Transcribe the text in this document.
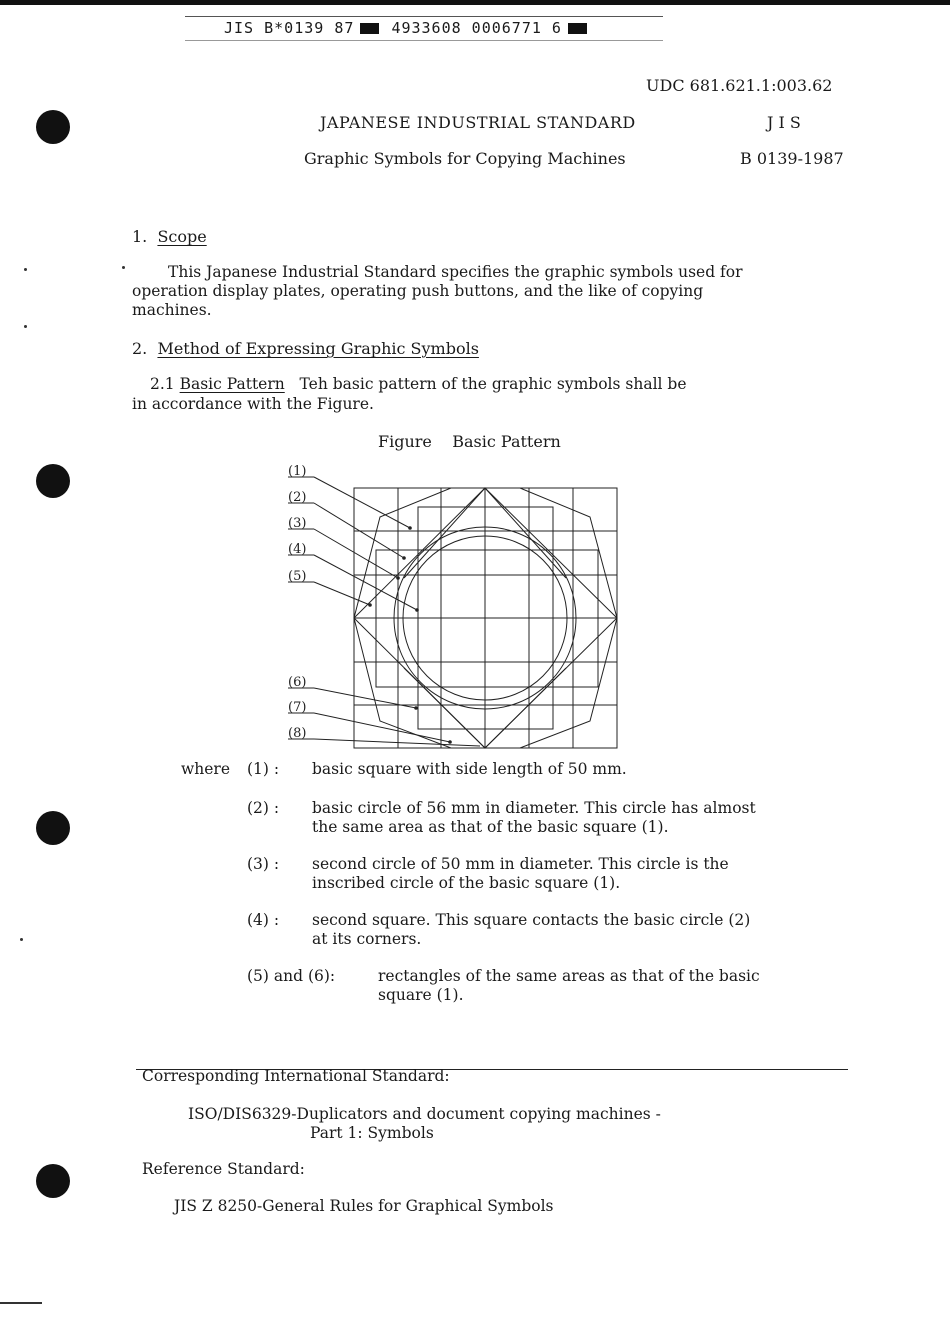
JIS B*0139 87 4933608 0006771 6
UDC 681.621.1:003.62
JAPANESE INDUSTRIAL STANDARD	J I S
Graphic Symbols for Copying Machines	B 0139-1987
1. Scope
This Japanese Industrial Standard specifies the graphic symbols used for
operation display plates, operating push buttons, and the like of copying
machines.
2. Method of Expressing Graphic Symbols
2.1 Basic Pattern Teh basic pattern of the graphic symbols shall be
in accordance with the Figure.
Figure Basic Pattern
(1)
(2)
(3)
(4)
(5)
(6)
(7)
(8)
where (1) : basic square with side length of 50 mm.
(2) : basic circle of 56 mm in diameter. This circle has almost
the same area as that of the basic square (1).
(3) : second circle of 50 mm in diameter. This circle is the
inscribed circle of the basic square (1).
(4) : second square. This square contacts the basic circle (2)
at its corners.
(5) and (6):	rectangles of the same areas as that of the basic
square (1).
Corresponding International Standard:
ISO/DIS6329-Duplicators and document copying machines -
Part 1: Symbols
Reference Standard:
JIS Z 8250-General Rules for Graphical Symbols
